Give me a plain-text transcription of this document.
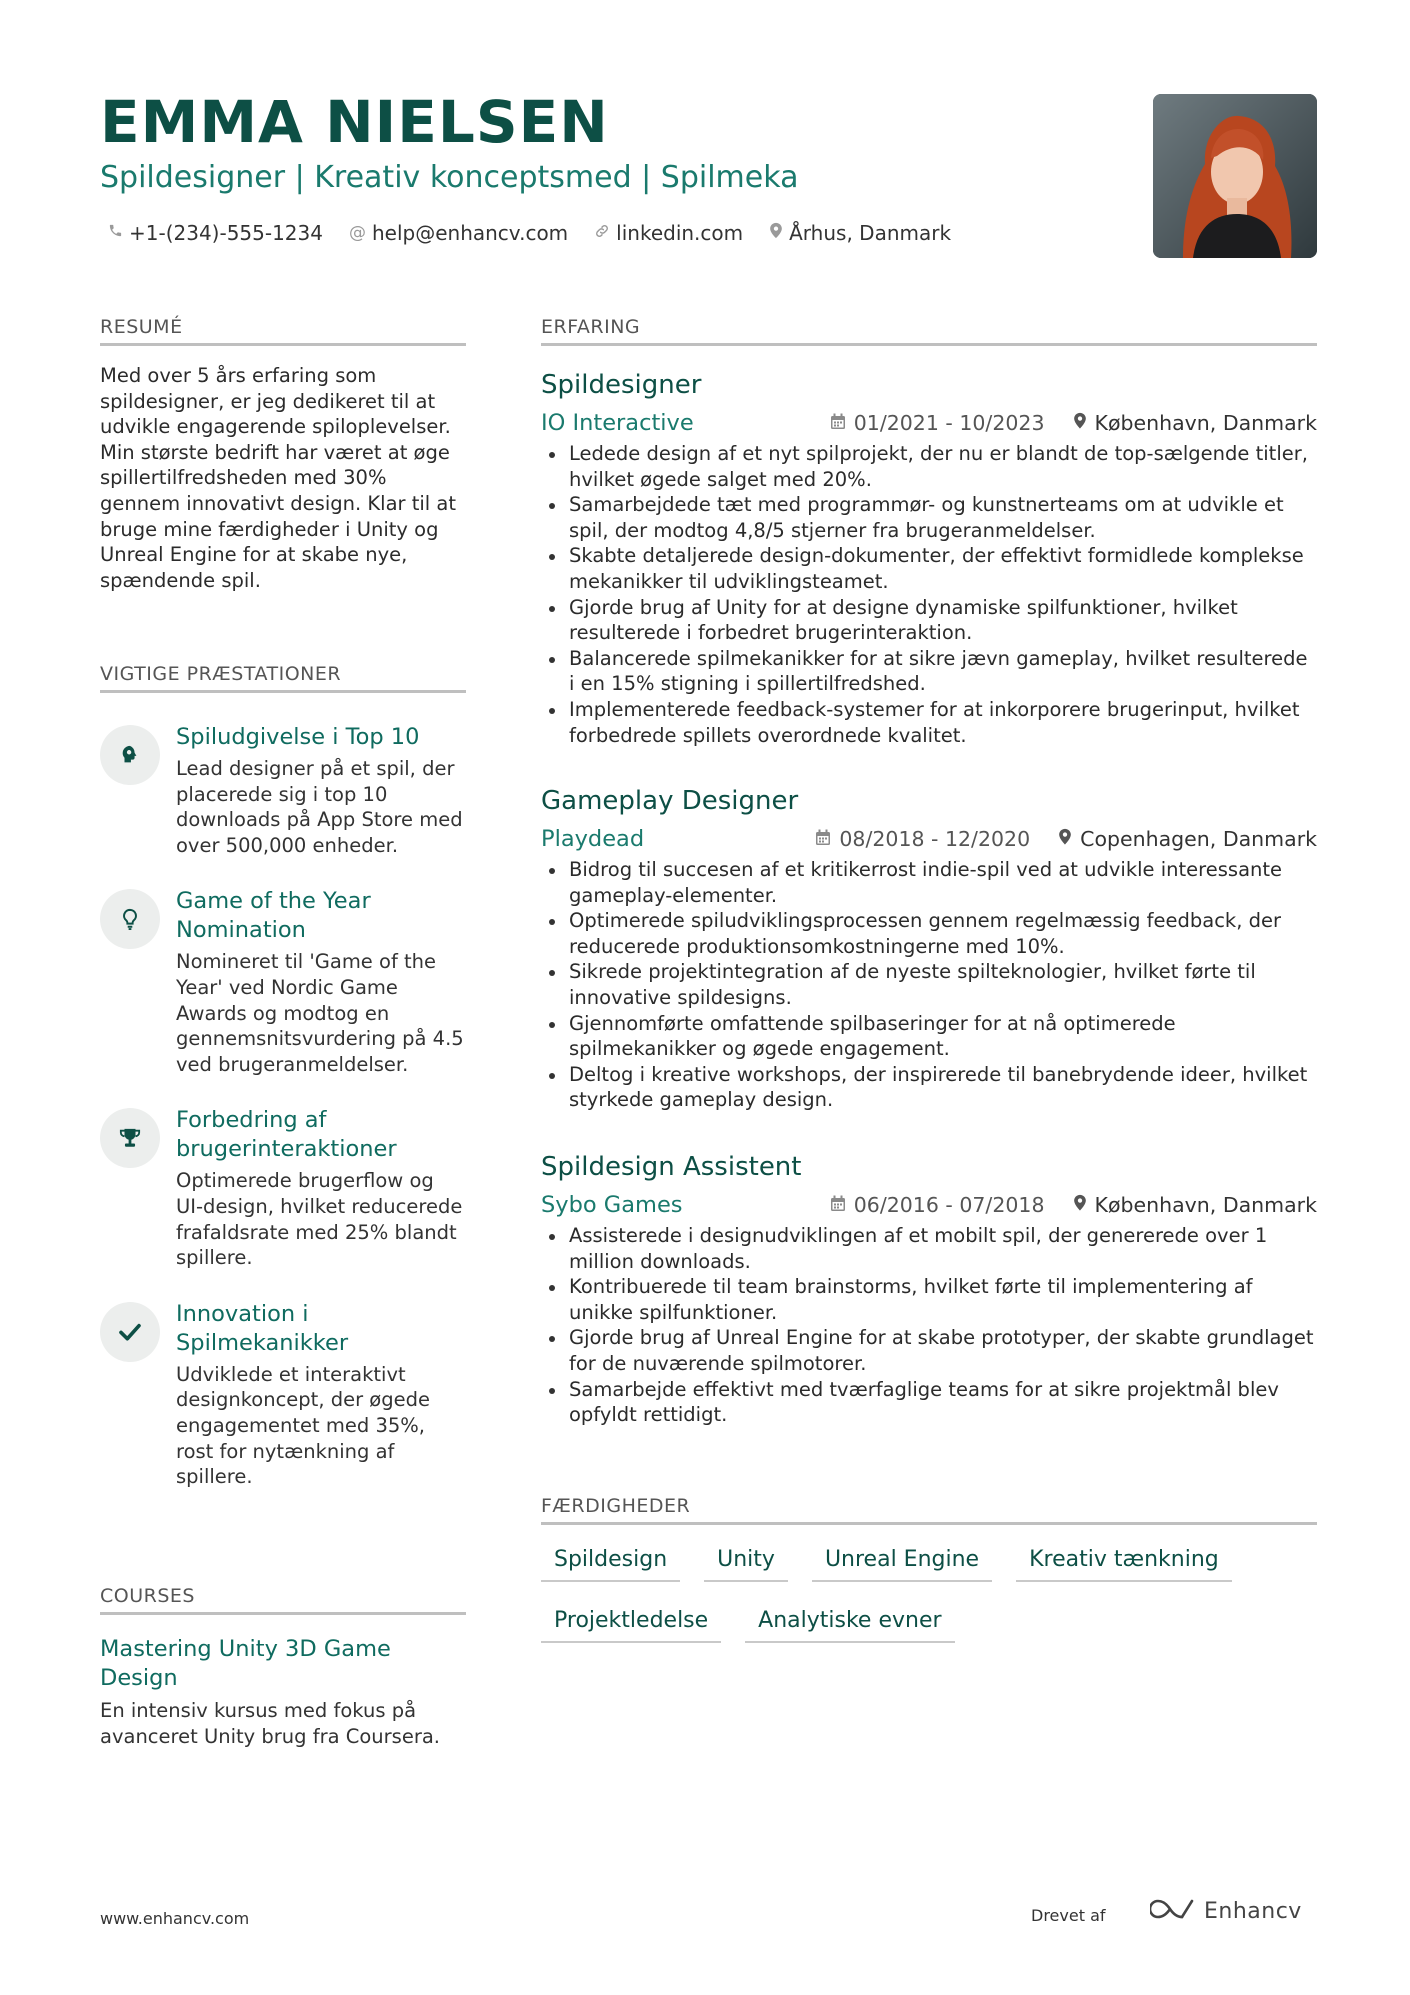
EMMA NIELSEN
Spildesigner | Kreativ konceptsmed | Spilmeka
+1-(234)-555-1234 @ help@enhancv.com linkedin.com Århus, Danmark
RESUMÉ
Med over 5 års erfaring som spildesigner, er jeg dedikeret til at udvikle engagerende spiloplevelser. Min største bedrift har været at øge spillertilfredsheden med 30% gennem innovativt design. Klar til at bruge mine færdigheder i Unity og Unreal Engine for at skabe nye, spændende spil.
VIGTIGE PRÆSTATIONER
Spiludgivelse i Top 10
Lead designer på et spil, der placerede sig i top 10 downloads på App Store med over 500,000 enheder.
Game of the Year Nomination
Nomineret til 'Game of the Year' ved Nordic Game Awards og modtog en gennemsnitsvurdering på 4.5 ved brugeranmeldelser.
Forbedring af brugerinteraktioner
Optimerede brugerflow og UI-design, hvilket reducerede frafaldsrate med 25% blandt spillere.
Innovation i Spilmekanikker
Udviklede et interaktivt designkoncept, der øgede engagementet med 35%, rost for nytænkning af spillere.
COURSES
Mastering Unity 3D Game Design
En intensiv kursus med fokus på avanceret Unity brug fra Coursera.
ERFARING
Spildesigner
IO Interactive	01/2021 - 10/2023 København, Danmark
Ledede design af et nyt spilprojekt, der nu er blandt de top-sælgende titler, hvilket øgede salget med 20%.
Samarbejdede tæt med programmør- og kunstnerteams om at udvikle et spil, der modtog 4,8/5 stjerner fra brugeranmeldelser.
Skabte detaljerede design-dokumenter, der effektivt formidlede komplekse mekanikker til udviklingsteamet.
Gjorde brug af Unity for at designe dynamiske spilfunktioner, hvilket resulterede i forbedret brugerinteraktion.
Balancerede spilmekanikker for at sikre jævn gameplay, hvilket resulterede i en 15% stigning i spillertilfredshed.
Implementerede feedback-systemer for at inkorporere brugerinput, hvilket forbedrede spillets overordnede kvalitet.
Gameplay Designer
Playdead	08/2018 - 12/2020 Copenhagen, Danmark
Bidrog til succesen af et kritikerrost indie-spil ved at udvikle interessante gameplay-elementer.
Optimerede spiludviklingsprocessen gennem regelmæssig feedback, der reducerede produktionsomkostningerne med 10%.
Sikrede projektintegration af de nyeste spilteknologier, hvilket førte til innovative spildesigns.
Gjennomførte omfattende spilbaseringer for at nå optimerede spilmekanikker og øgede engagement.
Deltog i kreative workshops, der inspirerede til banebrydende ideer, hvilket styrkede gameplay design.
Spildesign Assistent
Sybo Games	06/2016 - 07/2018 København, Danmark
Assisterede i designudviklingen af et mobilt spil, der genererede over 1 million downloads.
Kontribuerede til team brainstorms, hvilket førte til implementering af unikke spilfunktioner.
Gjorde brug af Unreal Engine for at skabe prototyper, der skabte grundlaget for de nuværende spilmotorer.
Samarbejde effektivt med tværfaglige teams for at sikre projektmål blev opfyldt rettidigt.
FÆRDIGHEDER
Spildesign	Unity	Unreal Engine	Kreativ tænkning
Projektledelse	Analytiske evner
www.enhancv.com	Drevet af	Enhancv
